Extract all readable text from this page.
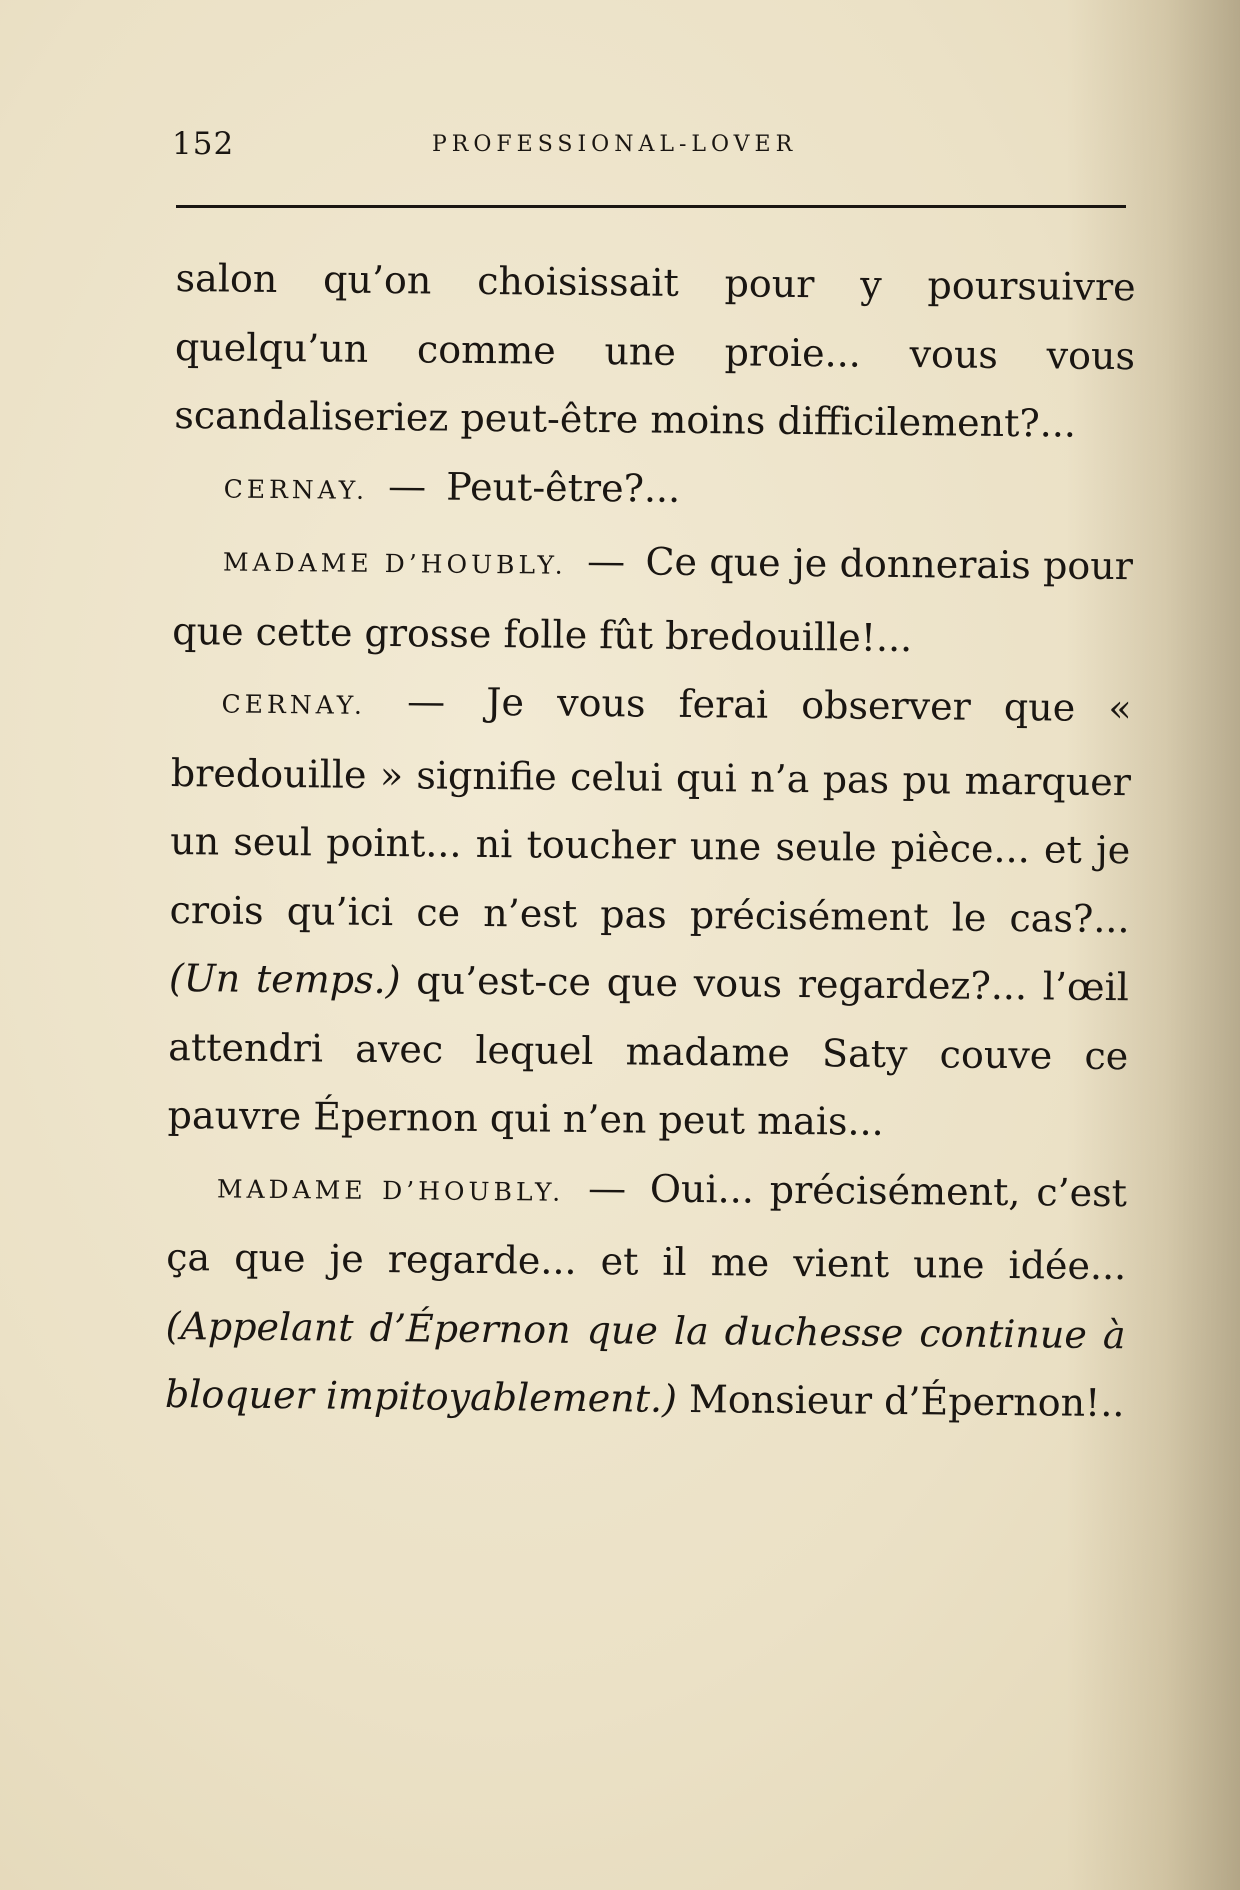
152	PROFESSIONAL-LOVER

salon qu’on choisissait pour y poursuivre quelqu’un comme une proie... vous vous scandaliseriez peut-être moins difficilement?...

CERNAY. — Peut-être?...

MADAME D’HOUBLY. — Ce que je donnerais pour que cette grosse folle fût bredouille!...

CERNAY. — Je vous ferai observer que « bredouille » signifie celui qui n’a pas pu marquer un seul point... ni toucher une seule pièce... et je crois qu’ici ce n’est pas précisément le cas?... (Un temps.) qu’est-ce que vous regardez?... l’œil attendri avec lequel madame Saty couve ce pauvre Épernon qui n’en peut mais...

MADAME D’HOUBLY. — Oui... précisément, c’est ça que je regarde... et il me vient une idée... (Appelant d’Épernon que la duchesse continue à bloquer impitoyablement.) Monsieur d’Épernon!..
